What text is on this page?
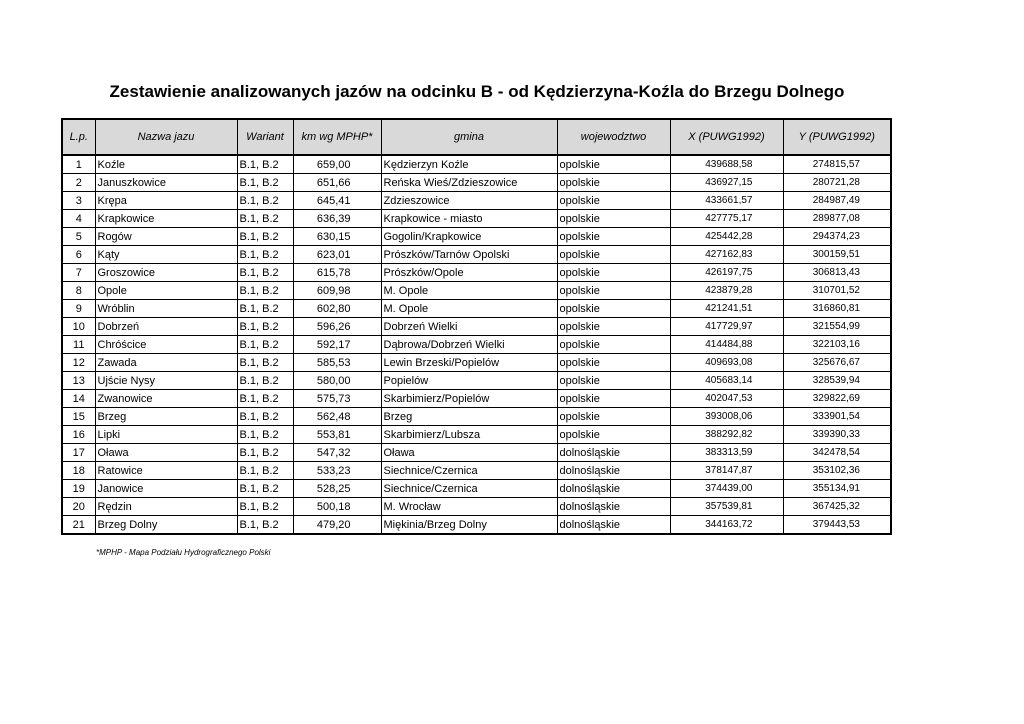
Zestawienie analizowanych jazów na odcinku B - od Kędzierzyna-Koźla do Brzegu Dolnego
L.p.	Nazwa jazu	Wariant	km wg MPHP*	gmina	wojewodztwo	X (PUWG1992)	Y (PUWG1992)
1	Koźle	B.1, B.2	659,00	Kędzierzyn Koźle	opolskie	439688,58	274815,57
2	Januszkowice	B.1, B.2	651,66	Reńska Wieś/Zdzieszowice	opolskie	436927,15	280721,28
3	Krępa	B.1, B.2	645,41	Zdzieszowice	opolskie	433661,57	284987,49
4	Krapkowice	B.1, B.2	636,39	Krapkowice - miasto	opolskie	427775,17	289877,08
5	Rogów	B.1, B.2	630,15	Gogolin/Krapkowice	opolskie	425442,28	294374,23
6	Kąty	B.1, B.2	623,01	Prószków/Tarnów Opolski	opolskie	427162,83	300159,51
7	Groszowice	B.1, B.2	615,78	Prószków/Opole	opolskie	426197,75	306813,43
8	Opole	B.1, B.2	609,98	M. Opole	opolskie	423879,28	310701,52
9	Wróblin	B.1, B.2	602,80	M. Opole	opolskie	421241,51	316860,81
10	Dobrzeń	B.1, B.2	596,26	Dobrzeń Wielki	opolskie	417729,97	321554,99
11	Chróścice	B.1, B.2	592,17	Dąbrowa/Dobrzeń Wielki	opolskie	414484,88	322103,16
12	Zawada	B.1, B.2	585,53	Lewin Brzeski/Popielów	opolskie	409693,08	325676,67
13	Ujście Nysy	B.1, B.2	580,00	Popielów	opolskie	405683,14	328539,94
14	Zwanowice	B.1, B.2	575,73	Skarbimierz/Popielów	opolskie	402047,53	329822,69
15	Brzeg	B.1, B.2	562,48	Brzeg	opolskie	393008,06	333901,54
16	Lipki	B.1, B.2	553,81	Skarbimierz/Lubsza	opolskie	388292,82	339390,33
17	Oława	B.1, B.2	547,32	Oława	dolnośląskie	383313,59	342478,54
18	Ratowice	B.1, B.2	533,23	Siechnice/Czernica	dolnośląskie	378147,87	353102,36
19	Janowice	B.1, B.2	528,25	Siechnice/Czernica	dolnośląskie	374439,00	355134,91
20	Rędzin	B.1, B.2	500,18	M. Wrocław	dolnośląskie	357539,81	367425,32
21	Brzeg Dolny	B.1, B.2	479,20	Miękinia/Brzeg Dolny	dolnośląskie	344163,72	379443,53
*MPHP - Mapa Podziału Hydrograficznego Polski
